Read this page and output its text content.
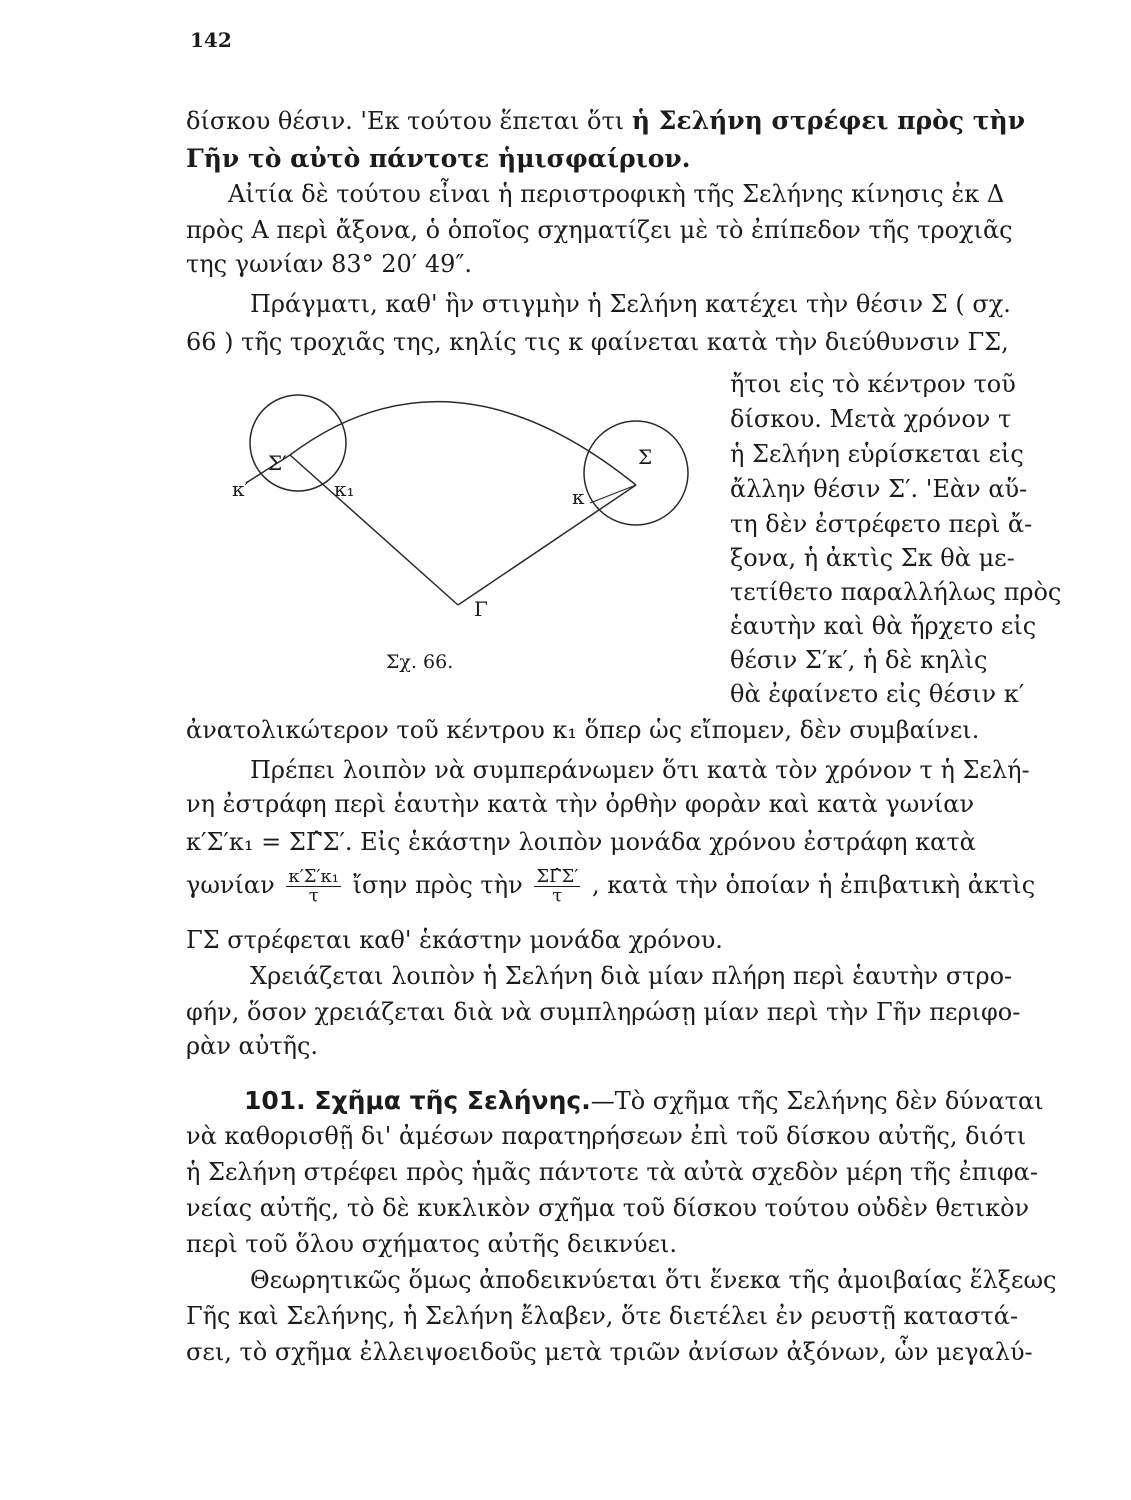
142
δίσκου θέσιν. 'Εκ τούτου ἕπεται ὅτι ἡ Σελήνη στρέφει πρὸς τὴν
Γῆν τὸ αὐτὸ πάντοτε ἡμισφαίριον.
Αἰτία δὲ τούτου εἶναι ἡ περιστροφικὴ τῆς Σελήνης κίνησις ἐκ Δ
πρὸς Α περὶ ἄξονα, ὁ ὁποῖος σχηματίζει μὲ τὸ ἐπίπεδον τῆς τροχιᾶς
της γωνίαν 83° 20′ 49″.
Πράγματι, καθ' ἣν στιγμὴν ἡ Σελήνη κατέχει τὴν θέσιν Σ ( σχ.
66 ) τῆς τροχιᾶς της, κηλίς τις κ φαίνεται κατὰ τὴν διεύθυνσιν ΓΣ,
ἤτοι εἰς τὸ κέντρον τοῦ
δίσκου. Μετὰ χρόνον τ
ἡ Σελήνη εὑρίσκεται εἰς
ἄλλην θέσιν Σ′. 'Εὰν αὕ-
τη δὲν ἐστρέφετο περὶ ἄ-
ξονα, ἡ ἀκτὶς Σκ θὰ με-
τετίθετο παραλλήλως πρὸς
ἑαυτὴν καὶ θὰ ἤρχετο εἰς
θέσιν Σ′κ′, ἡ δὲ κηλὶς
θὰ ἐφαίνετο εἰς θέσιν κ′
Σ′	Σ
Γ
κ′	κ₁	κ
Σχ. 66.
ἀνατολικώτερον τοῦ κέντρου κ₁ ὅπερ ὡς εἴπομεν, δὲν συμβαίνει.
Πρέπει λοιπὸν νὰ συμπεράνωμεν ὅτι κατὰ τὸν χρόνον τ ἡ Σελή-
νη ἐστράφη περὶ ἑαυτὴν κατὰ τὴν ὀρθὴν φορὰν καὶ κατὰ γωνίαν
κ′Σ′κ₁ = ΣΓ̂Σ′. Εἰς ἑκάστην λοιπὸν μονάδα χρόνου ἐστράφη κατὰ
γωνίαν $\frac{\text{κ′Σ′κ₁}}{\tau}$ ἴσην πρὸς τὴν $\frac{\Sigma\Gammâ\Sigma'}{\tau}$ , κατὰ τὴν ὁποίαν ἡ ἐπιβατικὴ ἀκτὶς
ΓΣ στρέφεται καθ' ἑκάστην μονάδα χρόνου.
Χρειάζεται λοιπὸν ἡ Σελήνη διὰ μίαν πλήρη περὶ ἑαυτὴν στρο-
φήν, ὅσον χρειάζεται διὰ νὰ συμπληρώσῃ μίαν περὶ τὴν Γῆν περιφο-
ρὰν αὐτῆς.
101. Σχῆμα τῆς Σελήνης.—Τὸ σχῆμα τῆς Σελήνης δὲν δύναται
νὰ καθορισθῇ δι' ἀμέσων παρατηρήσεων ἐπὶ τοῦ δίσκου αὐτῆς, διότι
ἡ Σελήνη στρέφει πρὸς ἡμᾶς πάντοτε τὰ αὐτὰ σχεδὸν μέρη τῆς ἐπιφα-
νείας αὐτῆς, τὸ δὲ κυκλικὸν σχῆμα τοῦ δίσκου τούτου οὐδὲν θετικὸν
περὶ τοῦ ὅλου σχήματος αὐτῆς δεικνύει.
Θεωρητικῶς ὅμως ἀποδεικνύεται ὅτι ἕνεκα τῆς ἀμοιβαίας ἕλξεως
Γῆς καὶ Σελήνης, ἡ Σελήνη ἔλαβεν, ὅτε διετέλει ἐν ρευστῇ καταστά-
σει, τὸ σχῆμα ἐλλειψοειδοῦς μετὰ τριῶν ἀνίσων ἀξόνων, ὧν μεγαλύ-
